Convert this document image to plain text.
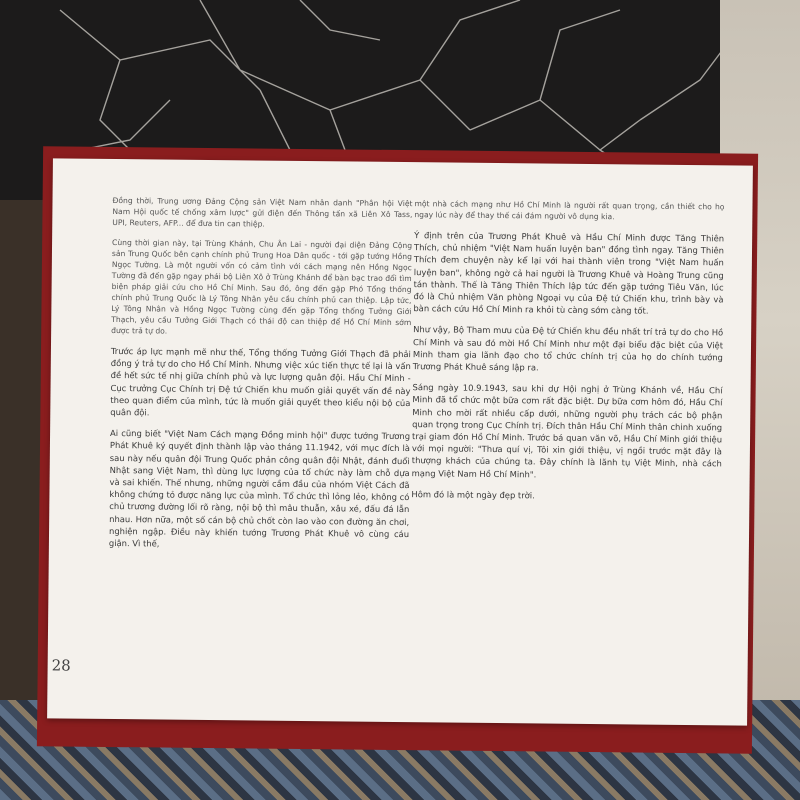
Đồng thời, Trung ương Đảng Cộng sản Việt Nam nhân danh "Phân hội Việt Nam Hội quốc tế chống xâm lược" gửi điện đến Thông tấn xã Liên Xô Tass, UPI, Reuters, AFP... để đưa tin can thiệp.

Cùng thời gian này, tại Trùng Khánh, Chu Ân Lai - người đại diện Đảng Cộng sản Trung Quốc bên cạnh chính phủ Trung Hoa Dân quốc - tới gặp tướng Hồng Ngọc Tường. Là một người vốn có cảm tình với cách mạng nên Hồng Ngọc Tường đã đến gặp ngay phái bộ Liên Xô ở Trùng Khánh để bàn bạc trao đổi tìm biện pháp giải cứu cho Hồ Chí Minh. Sau đó, ông đến gặp Phó Tổng thống chính phủ Trung Quốc là Lý Tông Nhân yêu cầu chính phủ can thiệp. Lập tức, Lý Tông Nhân và Hồng Ngọc Tường cùng đến gặp Tổng thống Tưởng Giới Thạch, yêu cầu Tưởng Giới Thạch có thái độ can thiệp để Hồ Chí Minh sớm được trả tự do.

Trước áp lực mạnh mẽ như thế, Tổng thống Tưởng Giới Thạch đã phải đồng ý trả tự do cho Hồ Chí Minh. Nhưng việc xúc tiến thực tế lại là vấn đề hết sức tế nhị giữa chính phủ và lực lượng quân đội. Hầu Chí Minh - Cục trưởng Cục Chính trị Đệ tứ Chiến khu muốn giải quyết vấn đề này theo quan điểm của mình, tức là muốn giải quyết theo kiểu nội bộ của quân đội.

Ai cũng biết "Việt Nam Cách mạng Đồng minh hội" được tướng Trương Phát Khuê ký quyết định thành lập vào tháng 11.1942, với mục đích là sau này nếu quân đội Trung Quốc phản công quân đội Nhật, đánh đuổi Nhật sang Việt Nam, thì dùng lực lượng của tổ chức này làm chỗ dựa và sai khiến. Thế nhưng, những người cầm đầu của nhóm Việt Cách đã không chứng tỏ được năng lực của mình. Tổ chức thì lỏng lẻo, không có chủ trương đường lối rõ ràng, nội bộ thì mâu thuẫn, xâu xé, đấu đá lẫn nhau. Hơn nữa, một số cán bộ chủ chốt còn lao vào con đường ăn chơi, nghiện ngập. Điều này khiến tướng Trương Phát Khuê vô cùng cáu giận. Vì thế,

một nhà cách mạng như Hồ Chí Minh là người rất quan trọng, cần thiết cho họ ngay lúc này để thay thế cái đám người vô dụng kia.

Ý định trên của Trương Phát Khuê và Hầu Chí Minh được Tăng Thiên Thích, chủ nhiệm "Việt Nam huấn luyện ban" đồng tình ngay. Tăng Thiên Thích đem chuyện này kể lại với hai thành viên trong "Việt Nam huấn luyện ban", không ngờ cả hai người là Trương Khuê và Hoàng Trung cũng tán thành. Thế là Tăng Thiên Thích lập tức đến gặp tướng Tiêu Văn, lúc đó là Chủ nhiệm Văn phòng Ngoại vụ của Đệ tứ Chiến khu, trình bày và bàn cách cứu Hồ Chí Minh ra khỏi tù càng sớm càng tốt.

Như vậy, Bộ Tham mưu của Đệ tứ Chiến khu đều nhất trí trả tự do cho Hồ Chí Minh và sau đó mời Hồ Chí Minh như một đại biểu đặc biệt của Việt Minh tham gia lãnh đạo cho tổ chức chính trị của họ do chính tướng Trương Phát Khuê sáng lập ra.

Sáng ngày 10.9.1943, sau khi dự Hội nghị ở Trùng Khánh về, Hầu Chí Minh đã tổ chức một bữa cơm rất đặc biệt. Dự bữa cơm hôm đó, Hầu Chí Minh cho mời rất nhiều cấp dưới, những người phụ trách các bộ phận quan trọng trong Cục Chính trị. Đích thân Hầu Chí Minh thân chinh xuống trại giam đón Hồ Chí Minh. Trước bá quan văn võ, Hầu Chí Minh giới thiệu với mọi người: "Thưa quí vị, Tôi xin giới thiệu, vị ngồi trước mặt đây là thượng khách của chúng ta. Đây chính là lãnh tụ Việt Minh, nhà cách mạng Việt Nam Hồ Chí Minh".

Hôm đó là một ngày đẹp trời.

28
